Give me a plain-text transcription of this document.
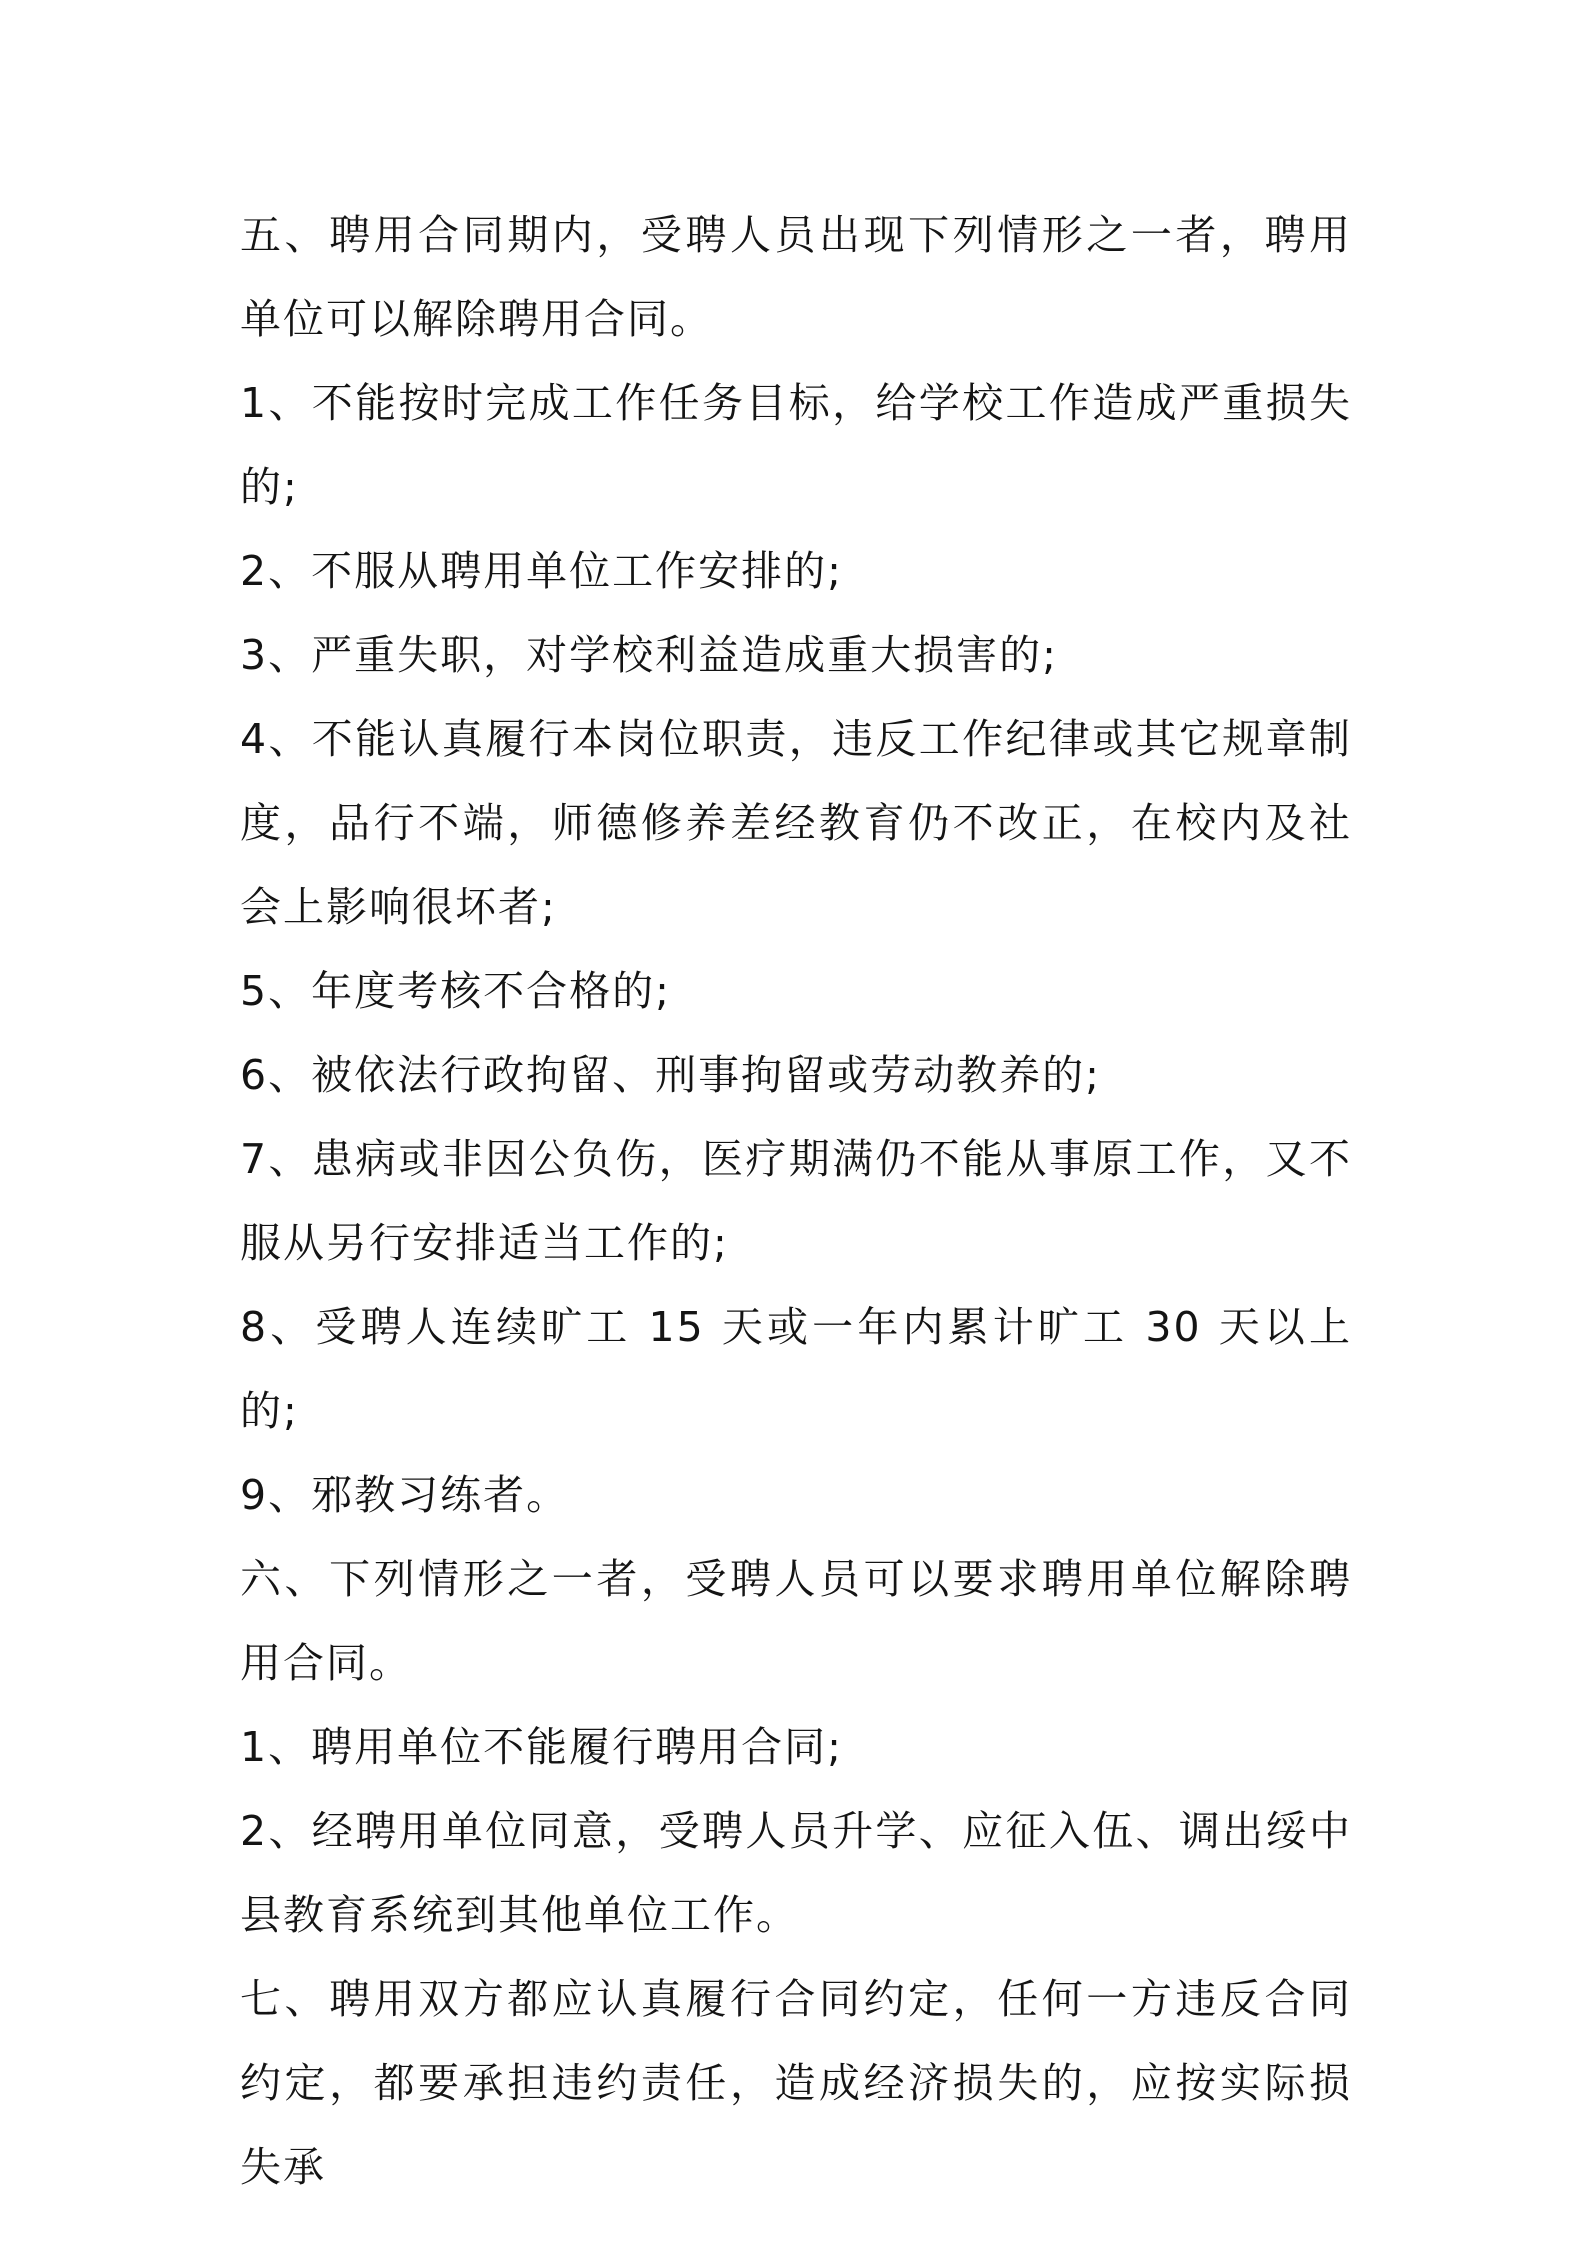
五、聘用合同期内，受聘人员出现下列情形之一者，聘用单位可以解除聘用合同。

1、不能按时完成工作任务目标，给学校工作造成严重损失的;

2、不服从聘用单位工作安排的;

3、严重失职，对学校利益造成重大损害的;

4、不能认真履行本岗位职责，违反工作纪律或其它规章制度，品行不端，师德修养差经教育仍不改正，在校内及社会上影响很坏者;

5、年度考核不合格的;

6、被依法行政拘留、刑事拘留或劳动教养的;

7、患病或非因公负伤，医疗期满仍不能从事原工作，又不服从另行安排适当工作的;

8、受聘人连续旷工 15 天或一年内累计旷工 30 天以上的;

9、邪教习练者。

六、下列情形之一者，受聘人员可以要求聘用单位解除聘用合同。

1、聘用单位不能履行聘用合同;

2、经聘用单位同意，受聘人员升学、应征入伍、调出绥中县教育系统到其他单位工作。

七、聘用双方都应认真履行合同约定，任何一方违反合同约定，都要承担违约责任，造成经济损失的，应按实际损失承
